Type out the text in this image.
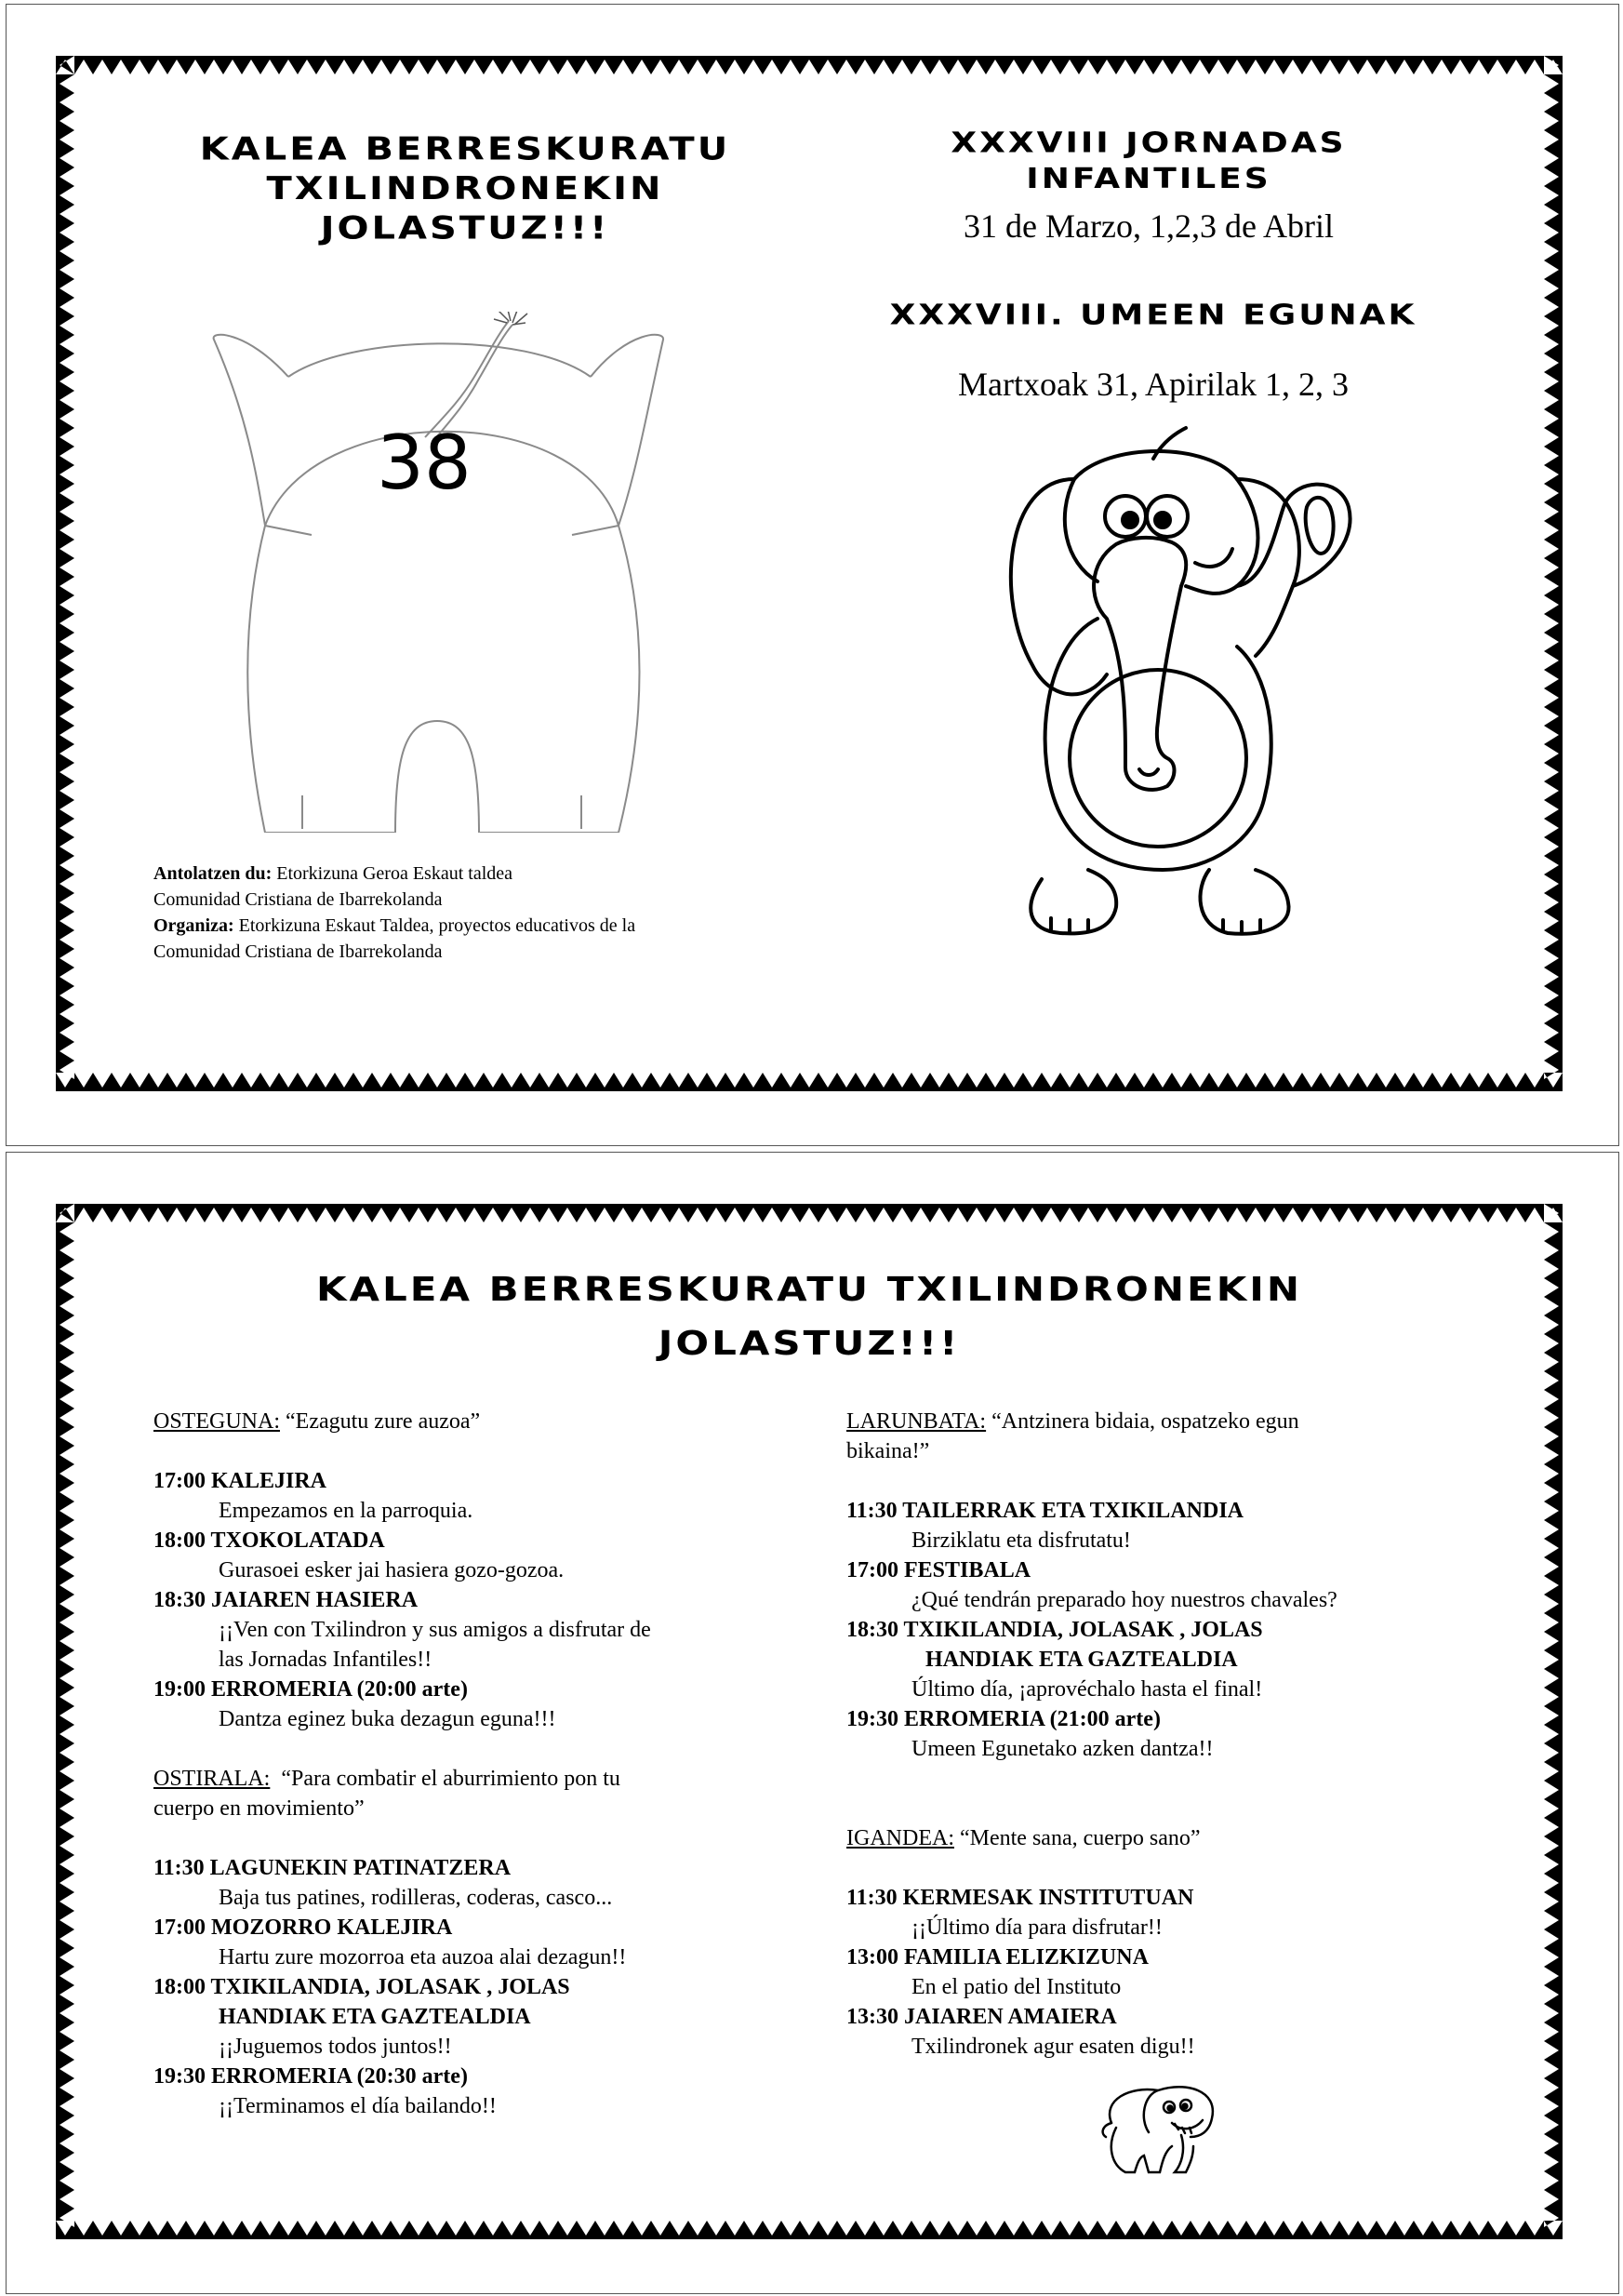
KALEA BERRESKURATU
TXILINDRONEKIN
JOLASTUZ!!!
38
XXXVIII JORNADAS
INFANTILES
31 de Marzo, 1,2,3 de Abril
XXXVIII. UMEEN EGUNAK
Martxoak 31, Apirilak 1, 2, 3
Antolatzen du: Etorkizuna Geroa Eskaut taldea
Comunidad Cristiana de Ibarrekolanda
Organiza: Etorkizuna Eskaut Taldea, proyectos educativos de la
Comunidad Cristiana de Ibarrekolanda
KALEA BERRESKURATU TXILINDRONEKIN
JOLASTUZ!!!
OSTEGUNA: “Ezagutu zure auzoa”
17:00 KALEJIRA
Empezamos en la parroquia.
18:00 TXOKOLATADA
Gurasoei esker jai hasiera gozo-gozoa.
18:30 JAIAREN HASIERA
¡¡Ven con Txilindron y sus amigos a disfrutar de
las Jornadas Infantiles!!
19:00 ERROMERIA (20:00 arte)
Dantza eginez buka dezagun eguna!!!
OSTIRALA: “Para combatir el aburrimiento pon tu
cuerpo en movimiento”
11:30 LAGUNEKIN PATINATZERA
Baja tus patines, rodilleras, coderas, casco...
17:00 MOZORRO KALEJIRA
Hartu zure mozorroa eta auzoa alai dezagun!!
18:00 TXIKILANDIA, JOLASAK , JOLAS
HANDIAK ETA GAZTEALDIA
¡¡Juguemos todos juntos!!
19:30 ERROMERIA (20:30 arte)
¡¡Terminamos el día bailando!!
LARUNBATA: “Antzinera bidaia, ospatzeko egun
bikaina!”
11:30 TAILERRAK ETA TXIKILANDIA
Birziklatu eta disfrutatu!
17:00 FESTIBALA
¿Qué tendrán preparado hoy nuestros chavales?
18:30 TXIKILANDIA, JOLASAK , JOLAS
HANDIAK ETA GAZTEALDIA
Último día, ¡aprovéchalo hasta el final!
19:30 ERROMERIA (21:00 arte)
Umeen Egunetako azken dantza!!
IGANDEA: “Mente sana, cuerpo sano”
11:30 KERMESAK INSTITUTUAN
¡¡Último día para disfrutar!!
13:00 FAMILIA ELIZKIZUNA
En el patio del Instituto
13:30 JAIAREN AMAIERA
Txilindronek agur esaten digu!!
